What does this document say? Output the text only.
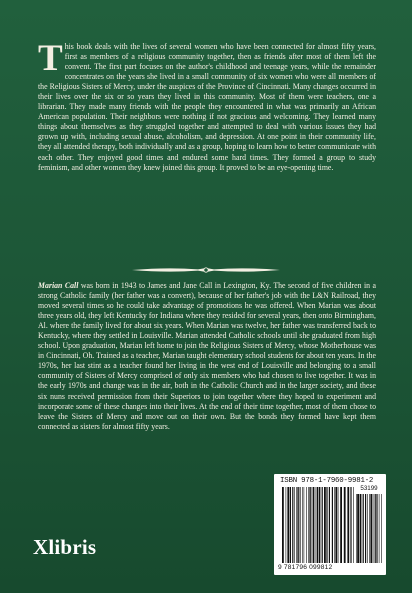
This book deals with the lives of several women who have been connected for almost fifty years, first as members of a religious community together, then as friends after most of them left the convent. The first part focuses on the author's childhood and teenage years, while the remainder concentrates on the years she lived in a small community of six women who were all members of the Religious Sisters of Mercy, under the auspices of the Province of Cincinnati. Many changes occurred in their lives over the six or so years they lived in this community. Most of them were teachers, one a librarian. They made many friends with the people they encountered in what was primarily an African American population. Their neighbors were nothing if not gracious and welcoming. They learned many things about themselves as they struggled together and attempted to deal with various issues they had grown up with, including sexual abuse, alcoholism, and depression. At one point in their community life, they all attended therapy, both individually and as a group, hoping to learn how to better communicate with each other. They enjoyed good times and endured some hard times. They formed a group to study feminism, and other women they knew joined this group. It proved to be an eye-opening time.
Marian Call was born in 1943 to James and Jane Call in Lexington, Ky. The second of five children in a strong Catholic family (her father was a convert), because of her father's job with the L&N Railroad, they moved several times so he could take advantage of promotions he was offered. When Marian was about three years old, they left Kentucky for Indiana where they resided for several years, then onto Birmingham, Al. where the family lived for about six years. When Marian was twelve, her father was transferred back to Kentucky, where they settled in Louisville. Marian attended Catholic schools until she graduated from high school. Upon graduation, Marian left home to join the Religious Sisters of Mercy, whose Motherhouse was in Cincinnati, Oh. Trained as a teacher, Marian taught elementary school students for about ten years. In the 1970s, her last stint as a teacher found her living in the west end of Louisville and belonging to a small community of Sisters of Mercy comprised of only six members who had chosen to live together. It was in the early 1970s and change was in the air, both in the Catholic Church and in the larger society, and these six nuns received permission from their Superiors to join together where they hoped to experiment and incorporate some of these changes into their lives. At the end of their time together, most of them chose to leave the Sisters of Mercy and move out on their own. But the bonds they formed have kept them connected as sisters for almost fifty years.
Xlibris
ISBN 978-1-7960-9981-2
53199
9 781796 099812
